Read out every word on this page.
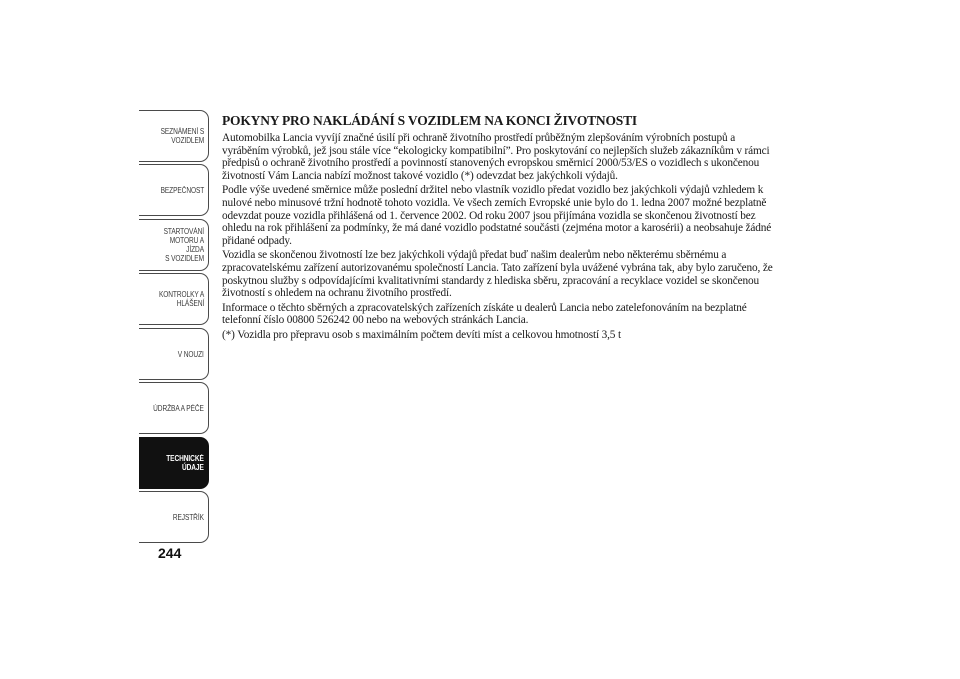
SEZNÁMENÍ S
VOZIDLEM
BEZPEČNOST
STARTOVÁNÍ
MOTORU A JÍZDA
S VOZIDLEM
KONTROLKY A
HLÁŠENÍ
V NOUZI
ÚDRŽBA A PÉČE
TECHNICKÉ
ÚDAJE
REJSTŘÍK
244
POKYNY PRO NAKLÁDÁNÍ S VOZIDLEM NA KONCI ŽIVOTNOSTI

Automobilka Lancia vyvíjí značné úsilí při ochraně životního prostředí průběžným zlepšováním výrobních postupů a vyráběním výrobků, jež jsou stále více “ekologicky kompatibilní”. Pro poskytování co nejlepších služeb zákazníkům v rámci předpisů o ochraně životního prostředí a povinností stanovených evropskou směrnicí 2000/53/ES o vozidlech s ukončenou životností Vám Lancia nabízí možnost takové vozidlo (*) odevzdat bez jakýchkoli výdajů.

Podle výše uvedené směrnice může poslední držitel nebo vlastník vozidlo předat vozidlo bez jakýchkoli výdajů vzhledem k nulové nebo minusové tržní hodnotě tohoto vozidla. Ve všech zemích Evropské unie bylo do 1. ledna 2007 možné bezplatně odevzdat pouze vozidla přihlášená od 1. července 2002. Od roku 2007 jsou přijímána vozidla se skončenou životností bez ohledu na rok přihlášení za podmínky, že má dané vozidlo podstatné součásti (zejména motor a karosérii) a neobsahuje žádné přidané odpady.

Vozidla se skončenou životností lze bez jakýchkoli výdajů předat buď našim dealerům nebo některému sběrnému a zpracovatelskému zařízení autorizovanému společností Lancia. Tato zařízení byla uvážené vybrána tak, aby bylo zaručeno, že poskytnou služby s odpovídajícími kvalitativními standardy z hlediska sběru, zpracování a recyklace vozidel se skončenou životností s ohledem na ochranu životního prostředí.

Informace o těchto sběrných a zpracovatelských zařízeních získáte u dealerů Lancia nebo zatelefonováním na bezplatné telefonní číslo 00800 526242 00 nebo na webových stránkách Lancia.

(*) Vozidla pro přepravu osob s maximálním počtem devíti míst a celkovou hmotností 3,5 t
